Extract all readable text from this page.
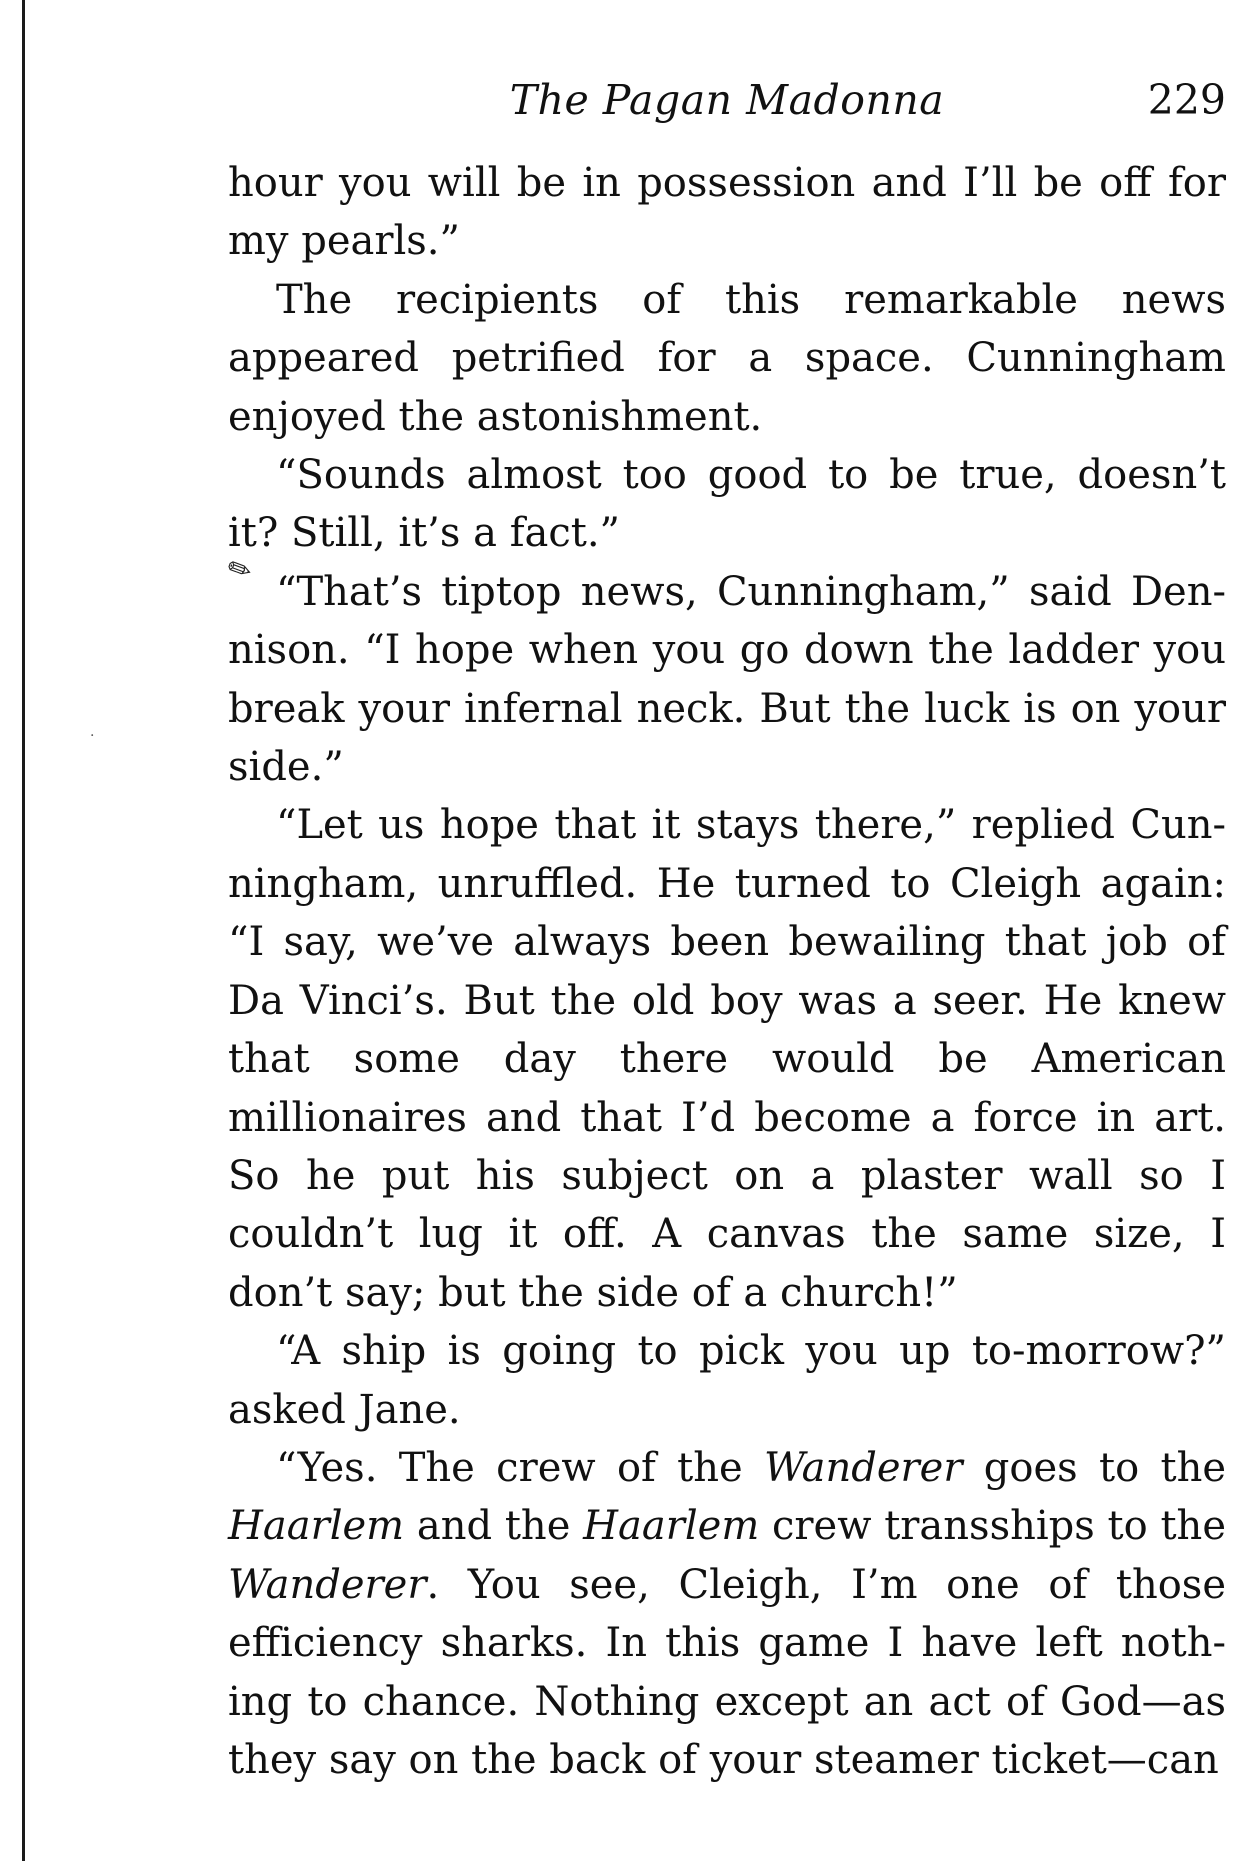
·
The Pagan Madonna	229
✎

hour you will be in possession and I’ll be off for my pearls.”

The recipients of this remarkable news appeared petrified for a space. Cunningham enjoyed the astonishment.

“Sounds almost too good to be true, doesn’t it? Still, it’s a fact.”

“That’s tiptop news, Cunningham,” said Dennison. “I hope when you go down the ladder you break your infernal neck. But the luck is on your side.”

“Let us hope that it stays there,” replied Cunningham, unruffled. He turned to Cleigh again: “I say, we’ve always been bewailing that job of Da Vinci’s. But the old boy was a seer. He knew that some day there would be American millionaires and that I’d become a force in art. So he put his subject on a plaster wall so I couldn’t lug it off. A canvas the same size, I don’t say; but the side of a church!”

“A ship is going to pick you up to-morrow?” asked Jane.

“Yes. The crew of the Wanderer goes to the Haarlem and the Haarlem crew transships to the Wanderer. You see, Cleigh, I’m one of those efficiency sharks. In this game I have left nothing to chance. Nothing except an act of God—as they say on the back of your steamer ticket—can
